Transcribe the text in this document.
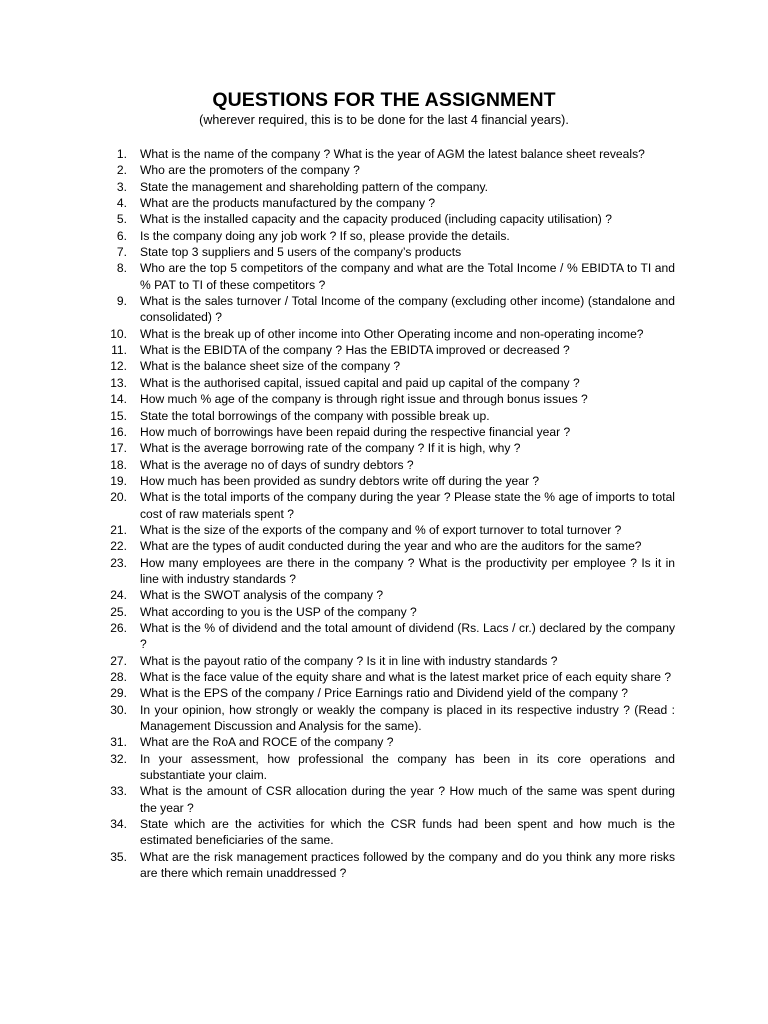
QUESTIONS FOR THE ASSIGNMENT
(wherever required, this is to be done for the last 4 financial years).
1. What is the name of the company ? What is the year of AGM the latest balance sheet reveals?
2. Who are the promoters of the company ?
3. State the management and shareholding pattern of the company.
4. What are the products manufactured by the company ?
5. What is the installed capacity and the capacity produced (including capacity utilisation) ?
6. Is the company doing any job work ? If so, please provide the details.
7. State top 3 suppliers and 5 users of the company’s products
8. Who are the top 5 competitors of the company and what are the Total Income / % EBIDTA to TI and % PAT to TI of these competitors ?
9. What is the sales turnover / Total Income of the company (excluding other income) (standalone and consolidated) ?
10. What is the break up of other income into Other Operating income and non-operating income?
11. What is the EBIDTA of the company ? Has the EBIDTA improved or decreased ?
12. What is the balance sheet size of the company ?
13. What is the authorised capital, issued capital and paid up capital of the company ?
14. How much % age of the company is through right issue and through bonus issues ?
15. State the total borrowings of the company with possible break up.
16. How much of borrowings have been repaid during the respective financial year ?
17. What is the average borrowing rate of the company ? If it is high, why ?
18. What is the average no of days of sundry debtors ?
19. How much has been provided as sundry debtors write off during the year ?
20. What is the total imports of the company during the year ? Please state the % age of imports to total cost of raw materials spent ?
21. What is the size of the exports of the company and % of export turnover to total turnover ?
22. What are the types of audit conducted during the year and who are the auditors for the same?
23. How many employees are there in the company ? What is the productivity per employee ? Is it in line with industry standards ?
24. What is the SWOT analysis of the company ?
25. What according to you is the USP of the company ?
26. What is the % of dividend and the total amount of dividend (Rs. Lacs / cr.) declared by the company ?
27. What is the payout ratio of the company ? Is it in line with industry standards ?
28. What is the face value of the equity share and what is the latest market price of each equity share ?
29. What is the EPS of the company / Price Earnings ratio and Dividend yield of the company ?
30. In your opinion, how strongly or weakly the company is placed in its respective industry ? (Read : Management Discussion and Analysis for the same).
31. What are the RoA and ROCE of the company ?
32. In your assessment, how professional the company has been in its core operations and substantiate your claim.
33. What is the amount of CSR allocation during the year ? How much of the same was spent during the year ?
34. State which are the activities for which the CSR funds had been spent and how much is the estimated beneficiaries of the same.
35. What are the risk management practices followed by the company and do you think any more risks are there which remain unaddressed ?
